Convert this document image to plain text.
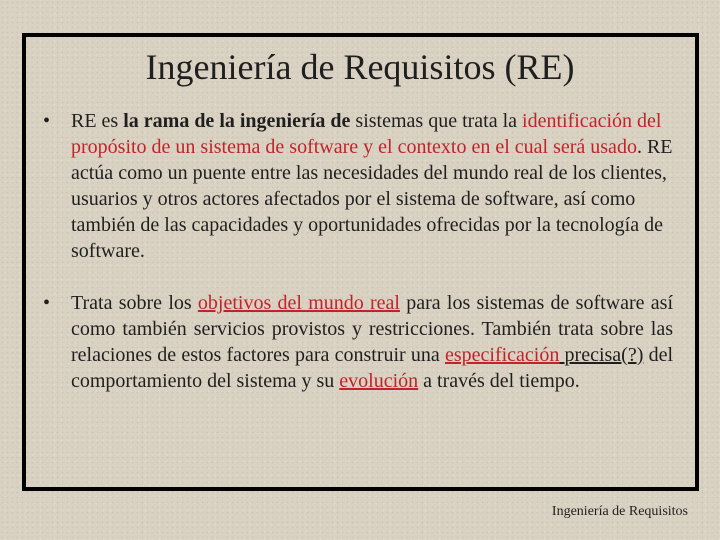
Ingeniería de Requisitos (RE)
• RE es la rama de la ingeniería de sistemas que trata la identificación del propósito de un sistema de software y el contexto en el cual será usado. RE actúa como un puente entre las necesidades del mundo real de los clientes, usuarios y otros actores afectados por el sistema de software, así como también de las capacidades y oportunidades ofrecidas por la tecnología de software.
• Trata sobre los objetivos del mundo real para los sistemas de software así como también servicios provistos y restricciones. También trata sobre las relaciones de estos factores para construir una especificación precisa(?) del comportamiento del sistema y su evolución a través del tiempo.
Ingeniería de Requisitos
